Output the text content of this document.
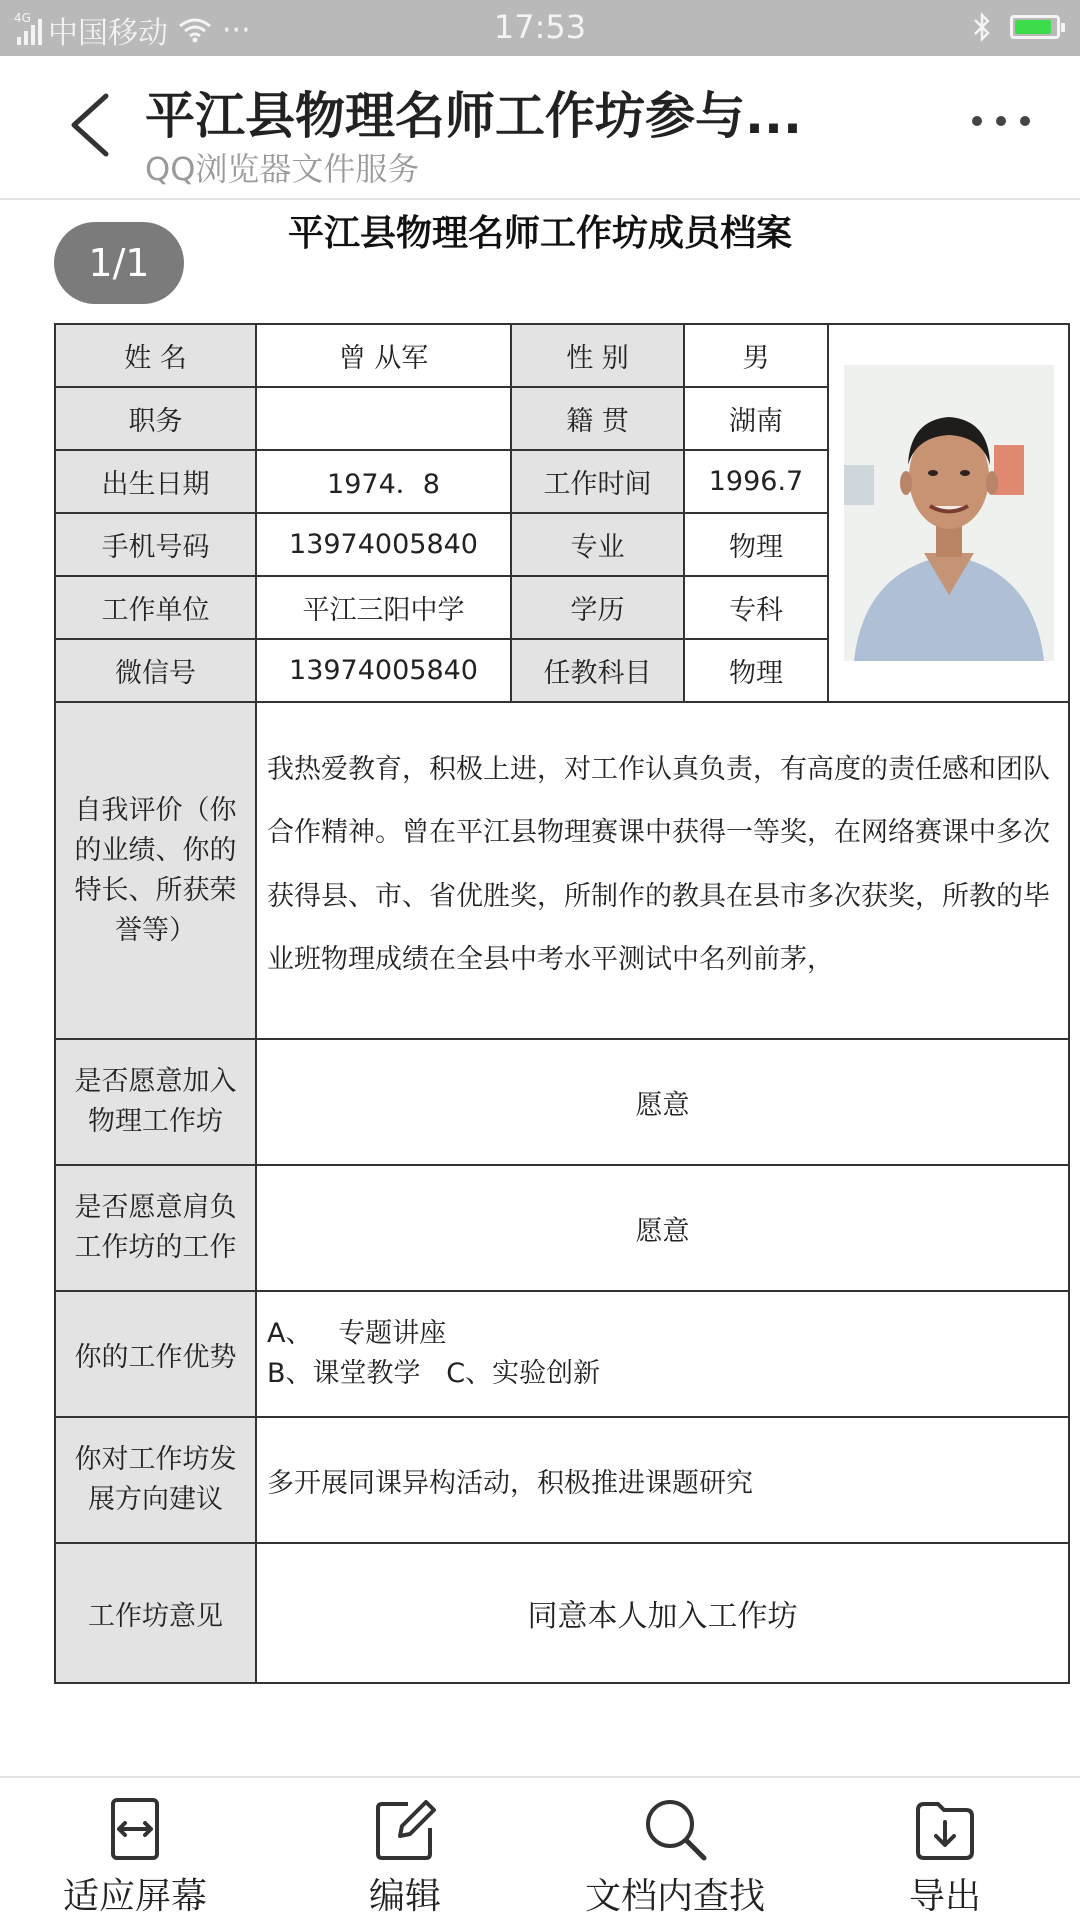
4G 中国移动 ···	17:53
平江县物理名师工作坊参与...
QQ浏览器文件服务
平江县物理名师工作坊成员档案
1/1
姓 名	曾 从军	性 别	男	

职务		籍 贯	湖南	
出生日期	1974．8	工作时间	1996.7	
手机号码	13974005840	专业	物理	
工作单位	平江三阳中学	学历	专科	
微信号	13974005840	任教科目	物理	

自我评价（你的业绩、你的特长、所获荣誉等）	我热爱教育，积极上进，对工作认真负责，有高度的责任感和团队合作精神。曾在平江县物理赛课中获得一等奖，在网络赛课中多次获得县、市、省优胜奖，所制作的教具在县市多次获奖，所教的毕业班物理成绩在全县中考水平测试中名列前茅，			

是否愿意加入物理工作坊	愿意			

是否愿意肩负工作坊的工作	愿意			
你的工作优势	A、   专题讲座
B、课堂教学   C、实验创新			

你对工作坊发展方向建议	多开展同课异构活动，积极推进课题研究			
工作坊意见	同意本人加入工作坊			
适应屏幕	编辑	文档内查找	导出
